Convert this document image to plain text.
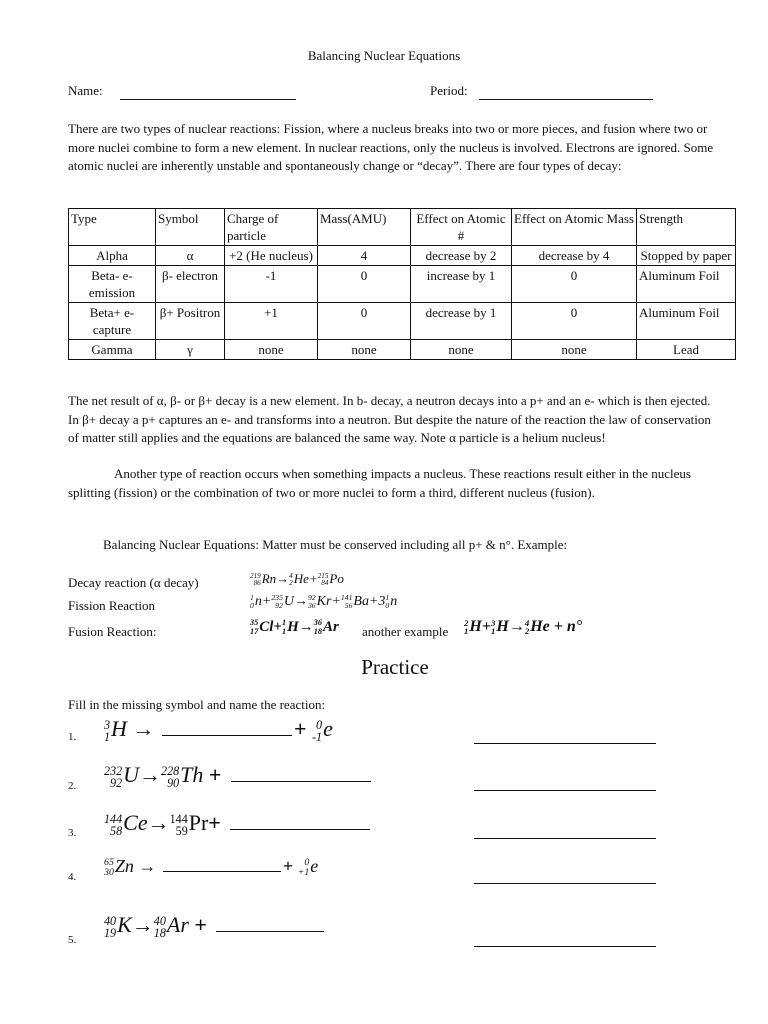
Balancing Nuclear Equations
Name:	Period:
There are two types of nuclear reactions: Fission, where a nucleus breaks into two or more pieces, and fusion where two or more nuclei combine to form a new element. In nuclear reactions, only the nucleus is involved. Electrons are ignored. Some atomic nuclei are inherently unstable and spontaneously change or “decay”. There are four types of decay:
Type	Symbol	Charge of particle	Mass(AMU)	Effect on Atomic #	Effect on Atomic Mass	Strength
Alpha	α	+2 (He nucleus)	4	decrease by 2	decrease by 4	Stopped by paper
Beta- e- emission	β- electron	-1	0	increase by 1	0	Aluminum Foil
Beta+ e- capture	β+ Positron	+1	0	decrease by 1	0	Aluminum Foil
Gamma	γ	none	none	none	none	Lead
The net result of α, β- or β+ decay is a new element. In b- decay, a neutron decays into a p+ and an e- which is then ejected. In β+ decay a p+ captures an e- and transforms into a neutron. But despite the nature of the reaction the law of conservation of matter still applies and the equations are balanced the same way. Note α particle is a helium nucleus!
Another type of reaction occurs when something impacts a nucleus. These reactions result either in the nucleus splitting (fission) or the combination of two or more nuclei to form a third, different nucleus (fusion).
Balancing Nuclear Equations: Matter must be conserved including all p+ & n°. Example:
Decay reaction (α decay)	219
86 Rn→ 4
2 He+ 215
84 Po
Fission Reaction
1
0 n+ 235
92 U→ 92
36 Kr+ 141
56 Ba+3 1
0 n
Fusion Reaction:
35
17 Cl+ 1
1 H→ 36
18 Ar another example
2
1 H+ 3
1 H→ 4
2 He + n°
Practice
Fill in the missing symbol and name the reaction:
1.
3
1 H →	+ 0
-1 e
2.
232
92 U→ 228
90 Th +
3.
144
58 Ce→ 144
59 Pr+
4.
65
30 Zn →	+	0
+1 e
5.
40
19 K→ 40
18 Ar +
